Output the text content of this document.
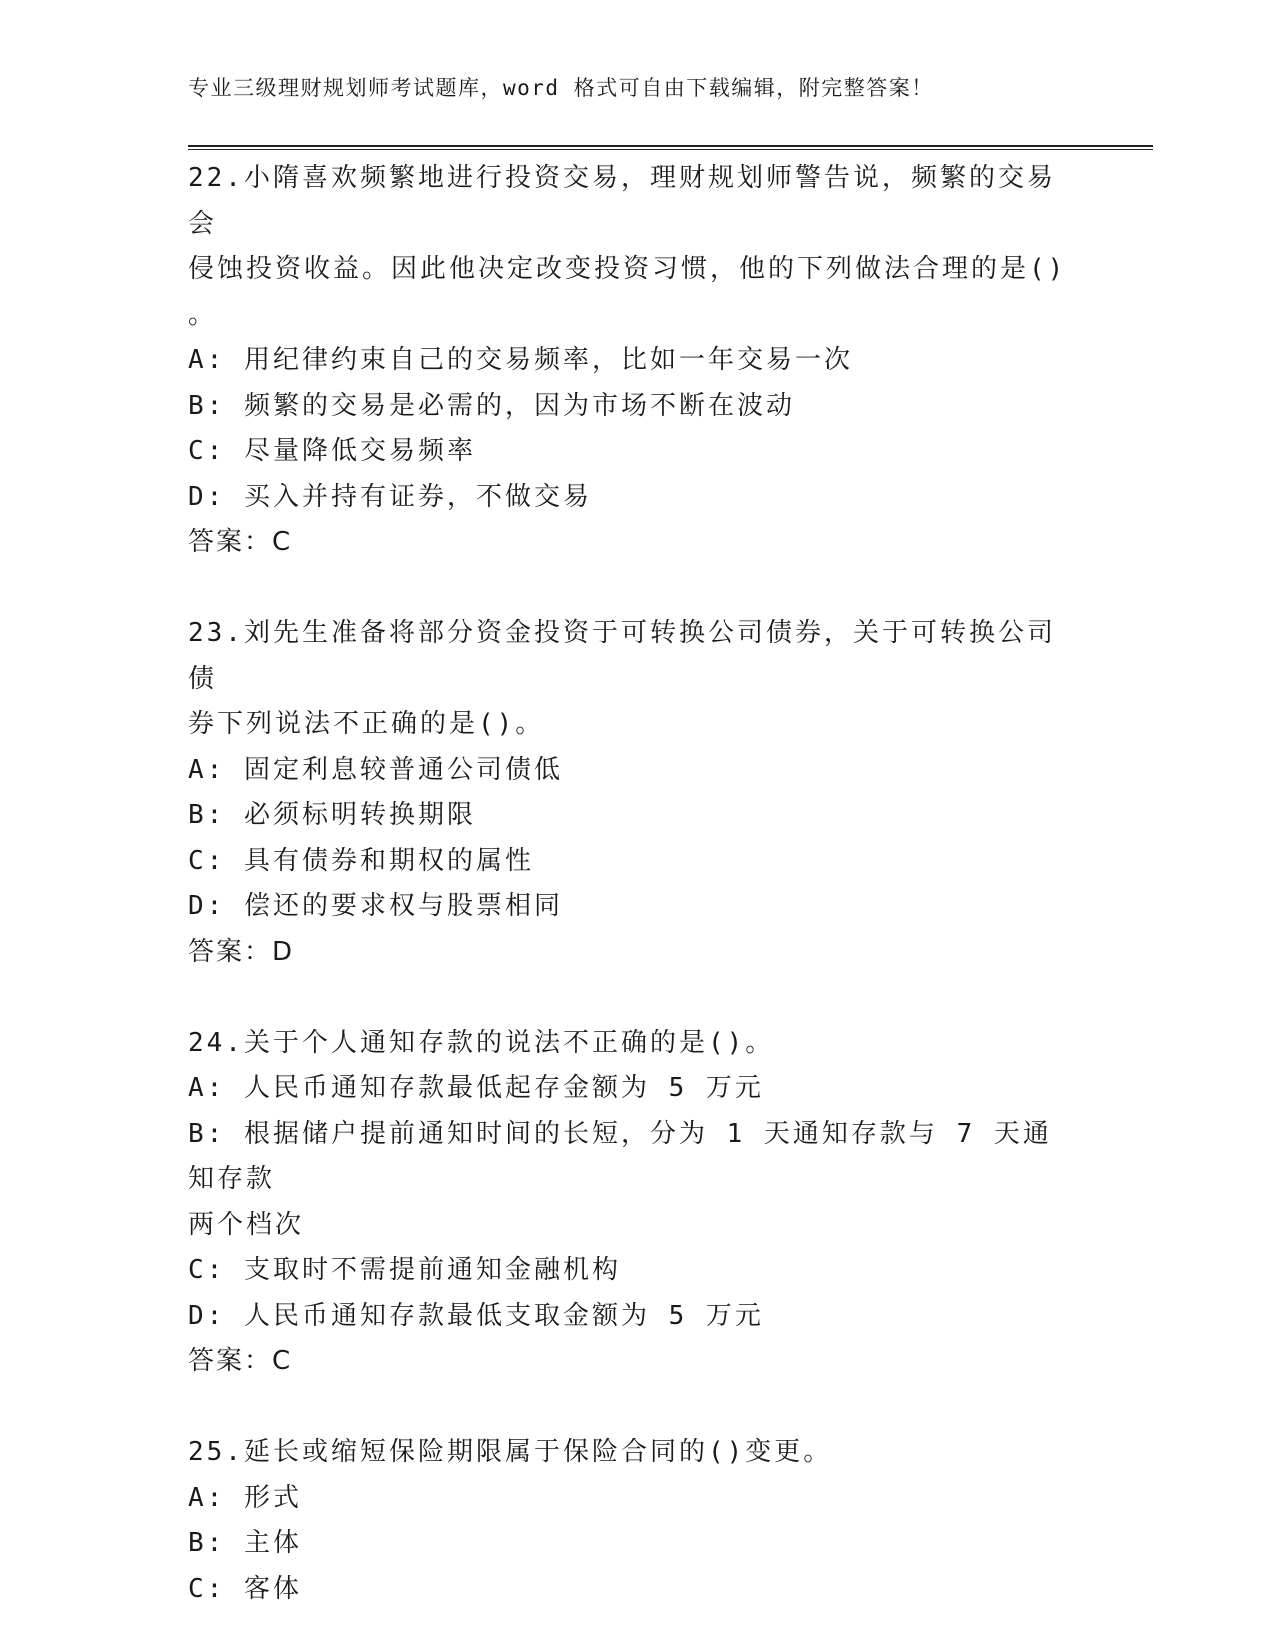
专业三级理财规划师考试题库，word 格式可自由下载编辑，附完整答案！

22.小隋喜欢频繁地进行投资交易，理财规划师警告说，频繁的交易会

侵蚀投资收益。因此他决定改变投资习惯，他的下列做法合理的是()

。

A: 用纪律约束自己的交易频率，比如一年交易一次

B: 频繁的交易是必需的，因为市场不断在波动

C: 尽量降低交易频率

D: 买入并持有证券，不做交易

答案：C

23.刘先生准备将部分资金投资于可转换公司债券，关于可转换公司债

券下列说法不正确的是()。

A: 固定利息较普通公司债低

B: 必须标明转换期限

C: 具有债券和期权的属性

D: 偿还的要求权与股票相同

答案：D

24.关于个人通知存款的说法不正确的是()。

A: 人民币通知存款最低起存金额为 5 万元

B: 根据储户提前通知时间的长短，分为 1 天通知存款与 7 天通知存款

两个档次

C: 支取时不需提前通知金融机构

D: 人民币通知存款最低支取金额为 5 万元

答案：C

25.延长或缩短保险期限属于保险合同的()变更。

A: 形式

B: 主体

C: 客体
